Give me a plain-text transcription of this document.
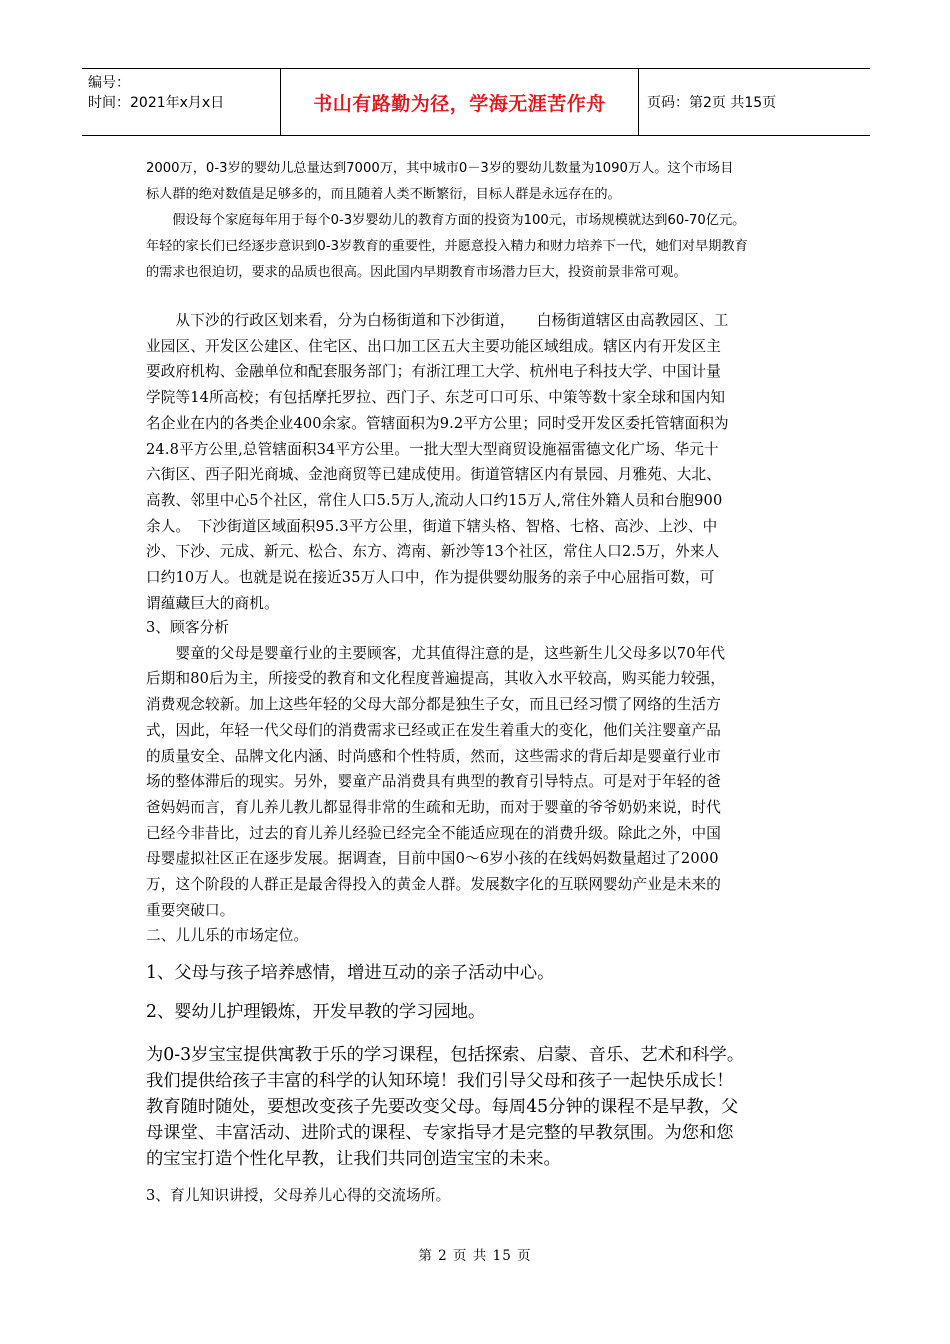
编号：
时间：2021年x月x日	书山有路勤为径，学海无涯苦作舟	页码：第2页 共15页
2000万，0-3岁的婴幼儿总量达到7000万，其中城市0－3岁的婴幼儿数量为1090万人。这个市场目
标人群的绝对数值是足够多的，而且随着人类不断繁衍，目标人群是永远存在的。
　　假设每个家庭每年用于每个0-3岁婴幼儿的教育方面的投资为100元，市场规模就达到60-70亿元。
年轻的家长们已经逐步意识到0-3岁教育的重要性，并愿意投入精力和财力培养下一代，她们对早期教育
的需求也很迫切，要求的品质也很高。因此国内早期教育市场潜力巨大，投资前景非常可观。
　　从下沙的行政区划来看，分为白杨街道和下沙街道，　　白杨街道辖区由高教园区、工
业园区、开发区公建区、住宅区、出口加工区五大主要功能区域组成。辖区内有开发区主
要政府机构、金融单位和配套服务部门；有浙江理工大学、杭州电子科技大学、中国计量
学院等14所高校；有包括摩托罗拉、西门子、东芝可口可乐、中策等数十家全球和国内知
名企业在内的各类企业400余家。管辖面积为9.2平方公里；同时受开发区委托管辖面积为
24.8平方公里,总管辖面积34平方公里。一批大型大型商贸设施福雷德文化广场、华元十
六街区、西子阳光商城、金池商贸等已建成使用。街道管辖区内有景园、月雅苑、大北、
高教、邻里中心5个社区，常住人口5.5万人,流动人口约15万人,常住外籍人员和台胞900
余人。　下沙街道区域面积95.3平方公里，街道下辖头格、智格、七格、高沙、上沙、中
沙、下沙、元成、新元、松合、东方、湾南、新沙等13个社区，常住人口2.5万，外来人
口约10万人。也就是说在接近35万人口中，作为提供婴幼服务的亲子中心屈指可数，可
谓蕴藏巨大的商机。
3、顾客分析
　　婴童的父母是婴童行业的主要顾客，尤其值得注意的是，这些新生儿父母多以70年代
后期和80后为主，所接受的教育和文化程度普遍提高，其收入水平较高，购买能力较强，
消费观念较新。加上这些年轻的父母大部分都是独生子女，而且已经习惯了网络的生活方
式，因此，年轻一代父母们的消费需求已经或正在发生着重大的变化，他们关注婴童产品
的质量安全、品牌文化内涵、时尚感和个性特质，然而，这些需求的背后却是婴童行业市
场的整体滞后的现实。另外，婴童产品消费具有典型的教育引导特点。可是对于年轻的爸
爸妈妈而言，育儿养儿教儿都显得非常的生疏和无助，而对于婴童的爷爷奶奶来说，时代
已经今非昔比，过去的育儿养儿经验已经完全不能适应现在的消费升级。除此之外，中国
母婴虚拟社区正在逐步发展。据调查，目前中国0～6岁小孩的在线妈妈数量超过了2000
万，这个阶段的人群正是最舍得投入的黄金人群。发展数字化的互联网婴幼产业是未来的
重要突破口。
二、儿儿乐的市场定位。
1、父母与孩子培养感情，增进互动的亲子活动中心。
2、婴幼儿护理锻炼，开发早教的学习园地。
为0-3岁宝宝提供寓教于乐的学习课程，包括探索、启蒙、音乐、艺术和科学。
我们提供给孩子丰富的科学的认知环境！我们引导父母和孩子一起快乐成长！
教育随时随处，要想改变孩子先要改变父母。每周45分钟的课程不是早教，父
母课堂、丰富活动、进阶式的课程、专家指导才是完整的早教氛围。为您和您
的宝宝打造个性化早教，让我们共同创造宝宝的未来。
3、育儿知识讲授，父母养儿心得的交流场所。
第 2 页 共 15 页
